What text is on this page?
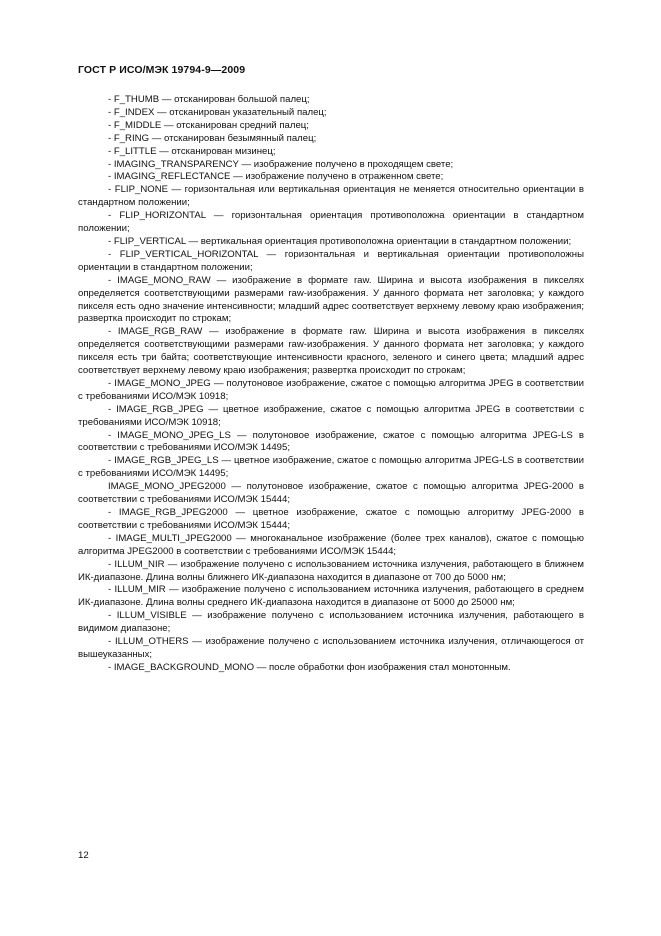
ГОСТ Р ИСО/МЭК 19794-9—2009

- F_THUMB — отсканирован большой палец;

- F_INDEX — отсканирован указательный палец;

- F_MIDDLE — отсканирован средний палец;

- F_RING — отсканирован безымянный палец;

- F_LITTLE — отсканирован мизинец;

- IMAGING_TRANSPARENCY — изображение получено в проходящем свете;

- IMAGING_REFLECTANCE — изображение получено в отраженном свете;

- FLIP_NONE — горизонтальная или вертикальная ориентация не меняется относительно ориентации в стандартном положении;

- FLIP_HORIZONTAL — горизонтальная ориентация противоположна ориентации в стандартном положении;

- FLIP_VERTICAL — вертикальная ориентация противоположна ориентации в стандартном положении;

- FLIP_VERTICAL_HORIZONTAL — горизонтальная и вертикальная ориентации противоположны ориентации в стандартном положении;

- IMAGE_MONO_RAW — изображение в формате raw. Ширина и высота изображения в пикселях определяется соответствующими размерами raw-изображения. У данного формата нет заголовка; у каждого пикселя есть одно значение интенсивности; младший адрес соответствует верхнему левому краю изображения; развертка происходит по строкам;

- IMAGE_RGB_RAW — изображение в формате raw. Ширина и высота изображения в пикселях определяется соответствующими размерами raw-изображения. У данного формата нет заголовка; у каждого пикселя есть три байта; соответствующие интенсивности красного, зеленого и синего цвета; младший адрес соответствует верхнему левому краю изображения; развертка происходит по строкам;

- IMAGE_MONO_JPEG — полутоновое изображение, сжатое с помощью алгоритма JPEG в соответствии с требованиями ИСО/МЭК 10918;

- IMAGE_RGB_JPEG — цветное изображение, сжатое с помощью алгоритма JPEG в соответствии с требованиями ИСО/МЭК 10918;

- IMAGE_MONO_JPEG_LS — полутоновое изображение, сжатое с помощью алгоритма JPEG-LS в соответствии с требованиями ИСО/МЭК 14495;

- IMAGE_RGB_JPEG_LS — цветное изображение, сжатое с помощью алгоритма JPEG-LS в соответствии с требованиями ИСО/МЭК 14495;

IMAGE_MONO_JPEG2000 — полутоновое изображение, сжатое с помощью алгоритма JPEG-2000 в соответствии с требованиями ИСО/МЭК 15444;

- IMAGE_RGB_JPEG2000 — цветное изображение, сжатое с помощью алгоритму JPEG-2000 в соответствии с требованиями ИСО/МЭК 15444;

- IMAGE_MULTI_JPEG2000 — многоканальное изображение (более трех каналов), сжатое с помощью алгоритма JPEG2000 в соответствии с требованиями ИСО/МЭК 15444;

- ILLUM_NIR — изображение получено с использованием источника излучения, работающего в ближнем ИК-диапазоне. Длина волны ближнего ИК-диапазона находится в диапазоне от 700 до 5000 нм;

- ILLUM_MIR — изображение получено с использованием источника излучения, работающего в среднем ИК-диапазоне. Длина волны среднего ИК-диапазона находится в диапазоне от 5000 до 25000 нм;

- ILLUM_VISIBLE — изображение получено с использованием источника излучения, работающего в видимом диапазоне;

- ILLUM_OTHERS — изображение получено с использованием источника излучения, отличающегося от вышеуказанных;

- IMAGE_BACKGROUND_MONO — после обработки фон изображения стал монотонным.

12
